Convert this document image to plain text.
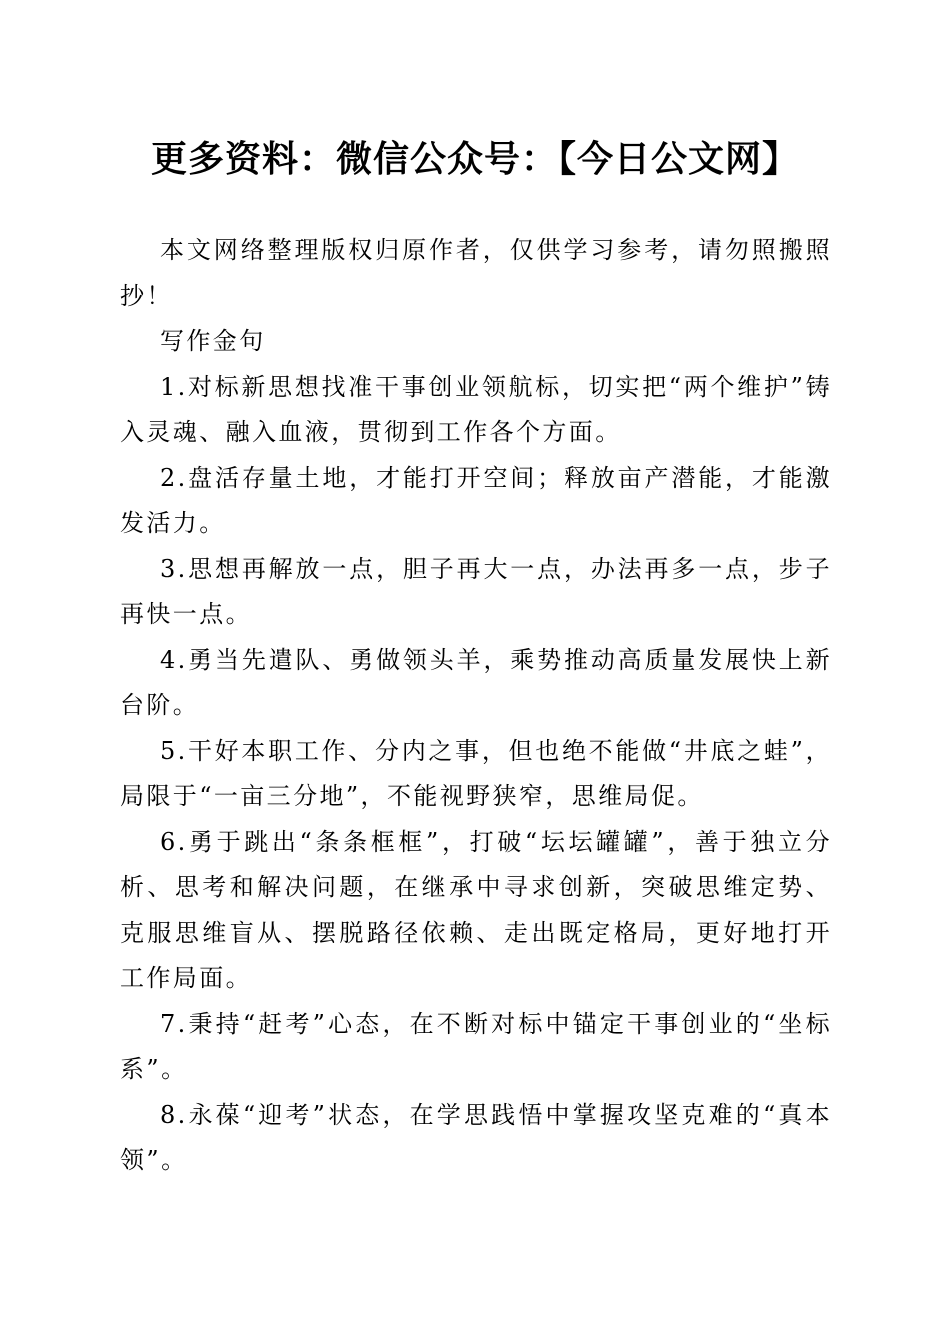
更多资料：微信公众号：【今日公文网】

本文网络整理版权归原作者，仅供学习参考，请勿照搬照抄！

写作金句

1.对标新思想找准干事创业领航标，切实把“两个维护”铸入灵魂、融入血液，贯彻到工作各个方面。

2.盘活存量土地，才能打开空间；释放亩产潜能，才能激发活力。

3.思想再解放一点，胆子再大一点，办法再多一点，步子再快一点。

4.勇当先遣队、勇做领头羊，乘势推动高质量发展快上新台阶。

5.干好本职工作、分内之事，但也绝不能做“井底之蛙”，局限于“一亩三分地”，不能视野狭窄，思维局促。

6.勇于跳出“条条框框”，打破“坛坛罐罐”，善于独立分析、思考和解决问题，在继承中寻求创新，突破思维定势、克服思维盲从、摆脱路径依赖、走出既定格局，更好地打开工作局面。

7.秉持“赶考”心态，在不断对标中锚定干事创业的“坐标系”。

8.永葆“迎考”状态，在学思践悟中掌握攻坚克难的“真本领”。
